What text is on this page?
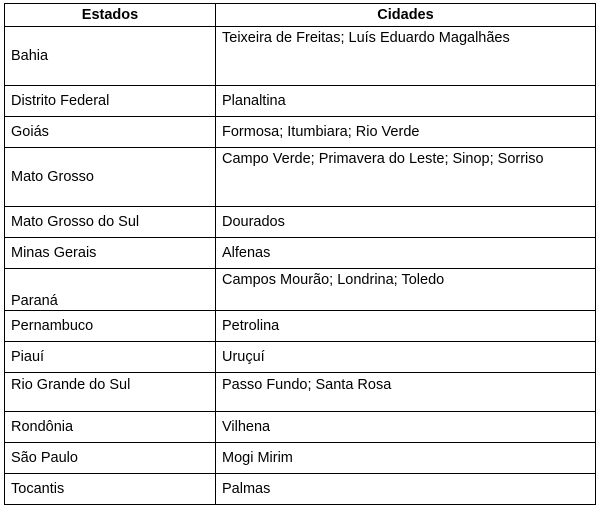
Estados	Cidades
Bahia	Teixeira de Freitas; Luís Eduardo Magalhães
Distrito Federal	Planaltina
Goiás	Formosa; Itumbiara; Rio Verde
Mato Grosso	Campo Verde; Primavera do Leste; Sinop; Sorriso
Mato Grosso do Sul	Dourados
Minas Gerais	Alfenas
Paraná	Campos Mourão; Londrina; Toledo
Pernambuco	Petrolina
Piauí	Uruçuí
Rio Grande do Sul	Passo Fundo; Santa Rosa
Rondônia	Vilhena
São Paulo	Mogi Mirim
Tocantis	Palmas
